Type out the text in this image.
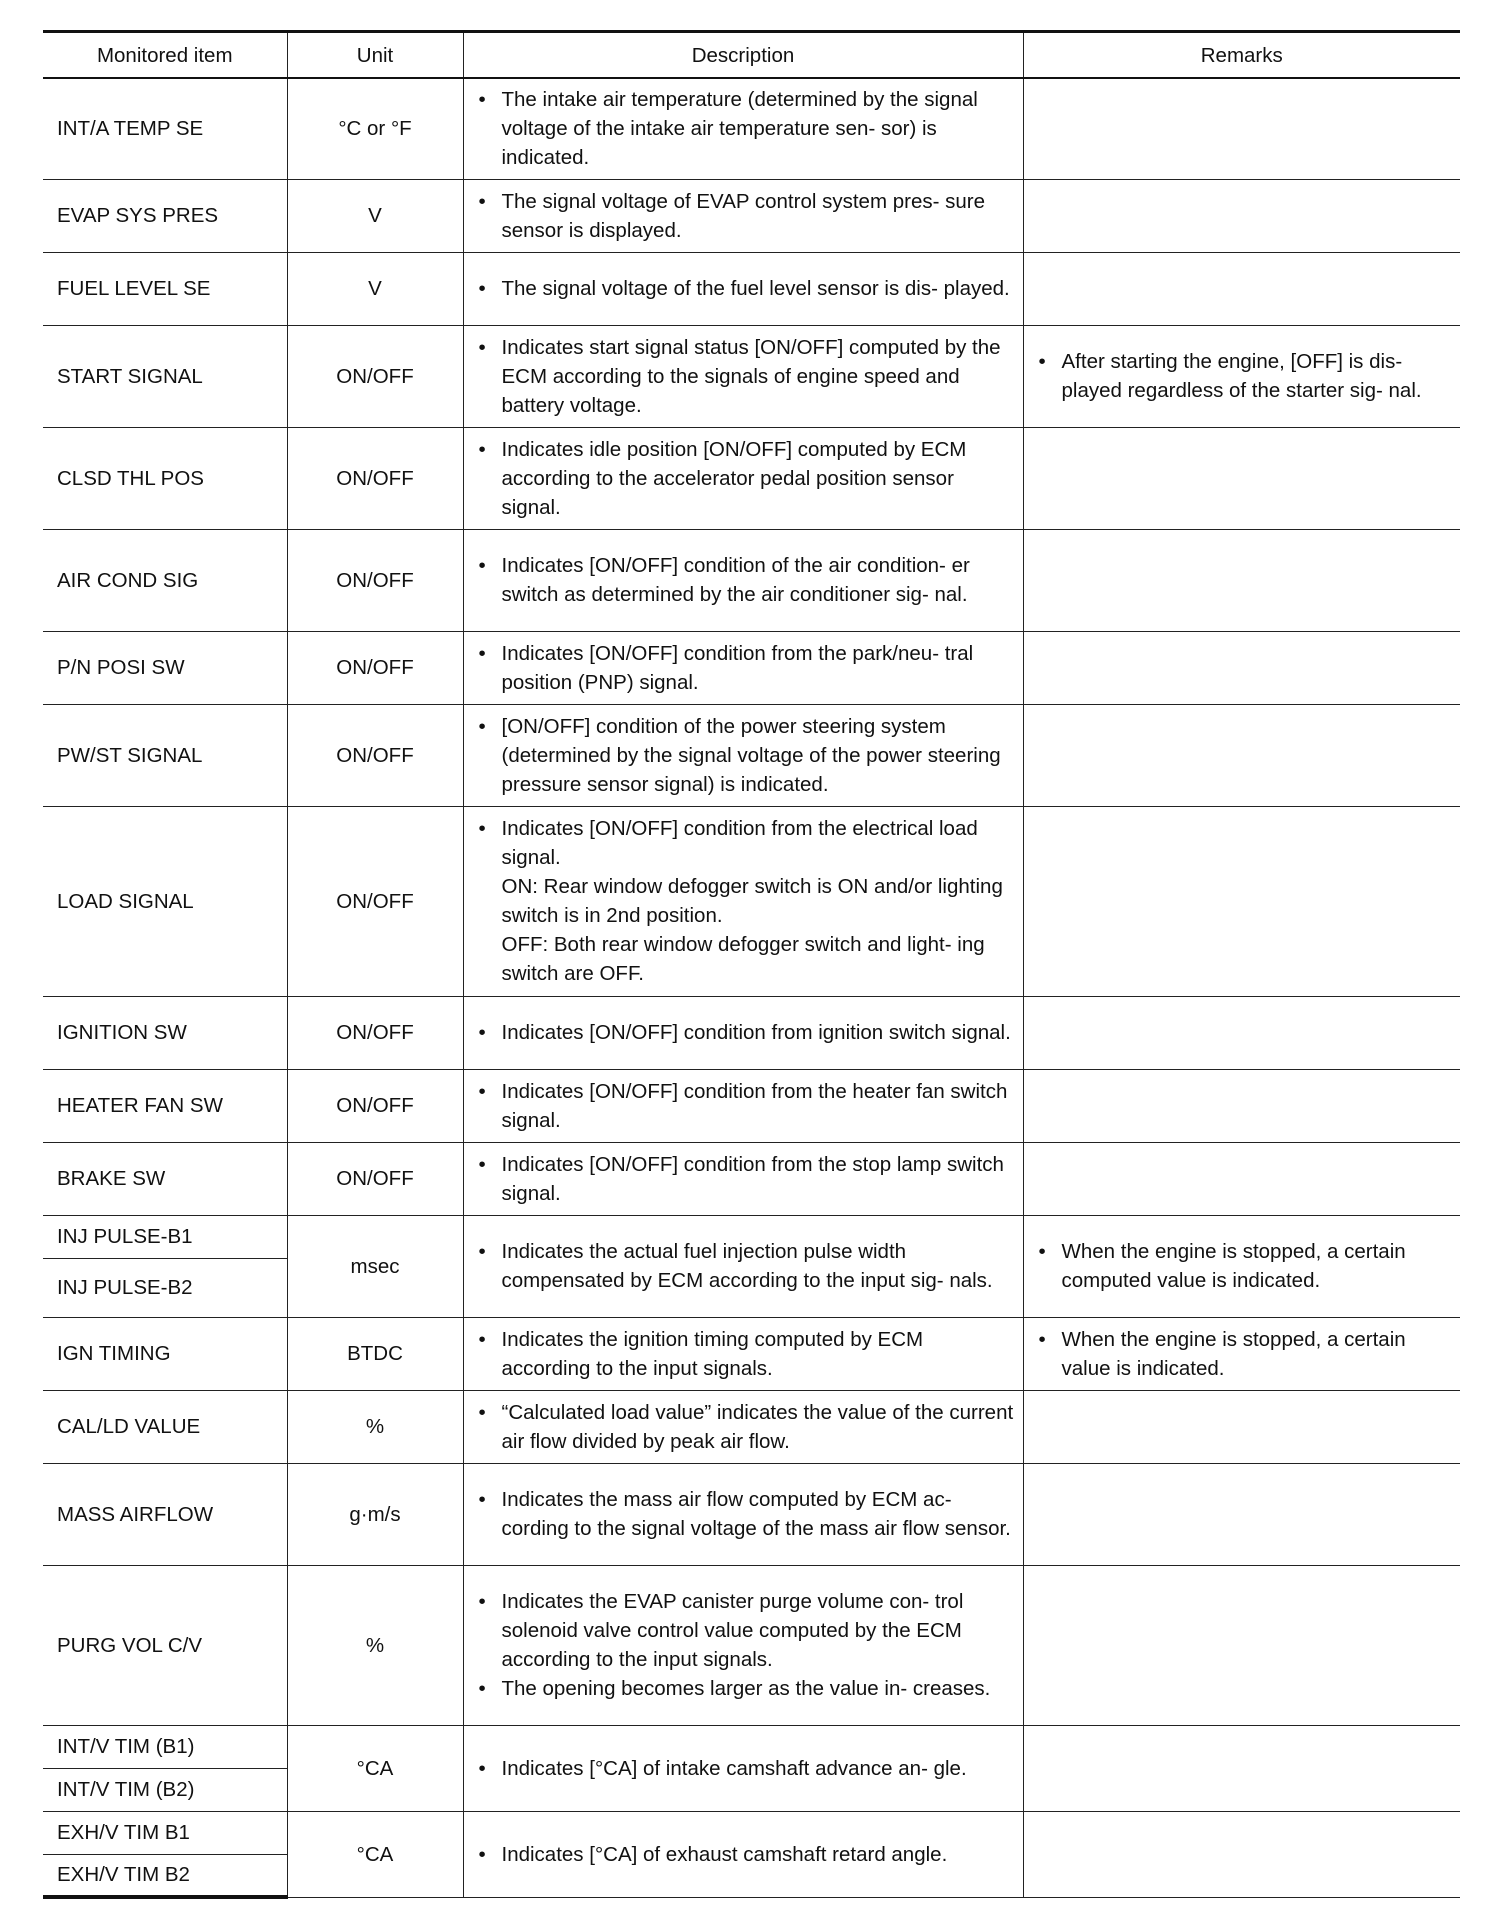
Monitored item	Unit	Description	Remarks
INT/A TEMP SE	°C or °F	• The intake air temperature (determined by the signal voltage of the intake air temperature sen- sor) is indicated.

EVAP SYS PRES	V	• The signal voltage of EVAP control system pres- sure sensor is displayed.

FUEL LEVEL SE	V	• The signal voltage of the fuel level sensor is dis- played.

START SIGNAL	ON/OFF	• Indicates start signal status [ON/OFF] computed by the ECM according to the signals of engine speed and battery voltage.	• After starting the engine, [OFF] is dis- played regardless of the starter sig- nal.

CLSD THL POS	ON/OFF	• Indicates idle position [ON/OFF] computed by ECM according to the accelerator pedal position sensor signal.

AIR COND SIG	ON/OFF	• Indicates [ON/OFF] condition of the air condition- er switch as determined by the air conditioner sig- nal.

P/N POSI SW	ON/OFF	• Indicates [ON/OFF] condition from the park/neu- tral position (PNP) signal.

PW/ST SIGNAL	ON/OFF	• [ON/OFF] condition of the power steering system (determined by the signal voltage of the power steering pressure sensor signal) is indicated.

LOAD SIGNAL	ON/OFF	• Indicates [ON/OFF] condition from the electrical load signal.
ON: Rear window defogger switch is ON and/or lighting switch is in 2nd position.
OFF: Both rear window defogger switch and light- ing switch are OFF.

IGNITION SW	ON/OFF	• Indicates [ON/OFF] condition from ignition switch signal.

HEATER FAN SW	ON/OFF	• Indicates [ON/OFF] condition from the heater fan switch signal.

BRAKE SW	ON/OFF	• Indicates [ON/OFF] condition from the stop lamp switch signal.

INJ PULSE-B1	msec	• Indicates the actual fuel injection pulse width compensated by ECM according to the input sig- nals.	• When the engine is stopped, a certain computed value is indicated.

INJ PULSE-B2			
IGN TIMING	BTDC	• Indicates the ignition timing computed by ECM according to the input signals.	• When the engine is stopped, a certain value is indicated.

CAL/LD VALUE	%	• “Calculated load value” indicates the value of the current air flow divided by peak air flow.

MASS AIRFLOW	g·m/s	• Indicates the mass air flow computed by ECM ac- cording to the signal voltage of the mass air flow sensor.

PURG VOL C/V	%	• Indicates the EVAP canister purge volume con- trol solenoid valve control value computed by the ECM according to the input signals.
• The opening becomes larger as the value in- creases.

INT/V TIM (B1)	°CA	• Indicates [°CA] of intake camshaft advance an- gle.

INT/V TIM (B2)			
EXH/V TIM B1	°CA	• Indicates [°CA] of exhaust camshaft retard angle.

EXH/V TIM B2			
